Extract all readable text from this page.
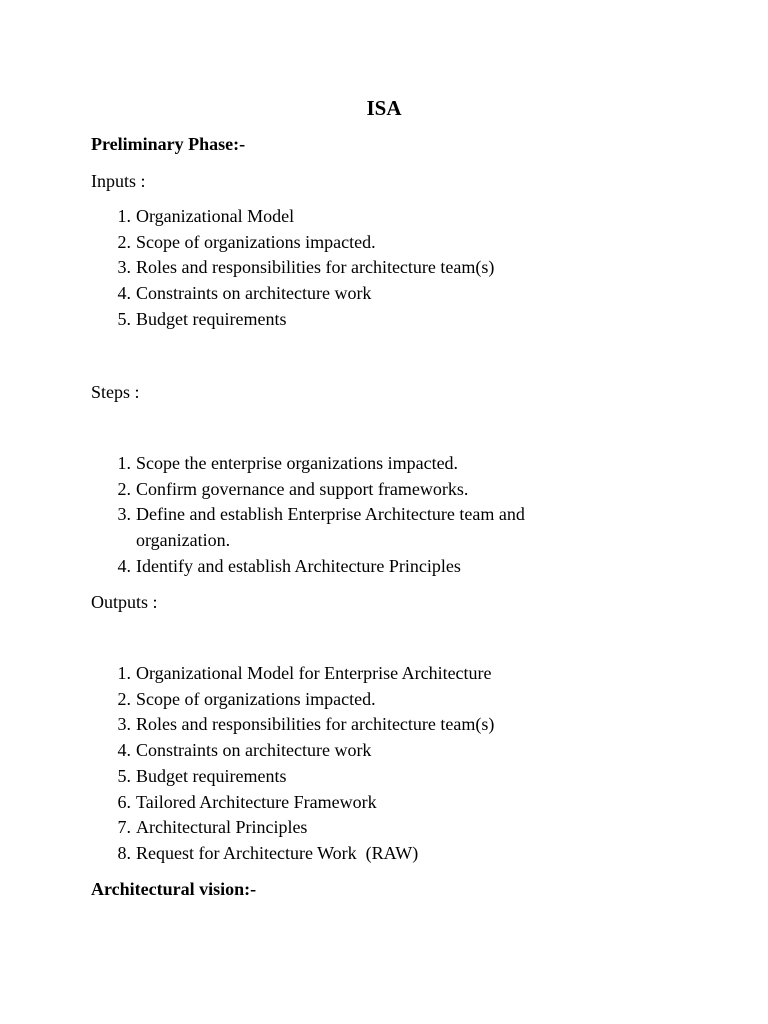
ISA
Preliminary Phase:-
Inputs :
1. Organizational Model
2. Scope of organizations impacted.
3. Roles and responsibilities for architecture team(s)
4. Constraints on architecture work
5. Budget requirements
Steps :
1. Scope the enterprise organizations impacted.
2. Confirm governance and support frameworks.
3. Define and establish Enterprise Architecture team and organization.
4. Identify and establish Architecture Principles
Outputs :
1. Organizational Model for Enterprise Architecture
2. Scope of organizations impacted.
3. Roles and responsibilities for architecture team(s)
4. Constraints on architecture work
5. Budget requirements
6. Tailored Architecture Framework
7. Architectural Principles
8. Request for Architecture Work  (RAW)
Architectural vision:-
